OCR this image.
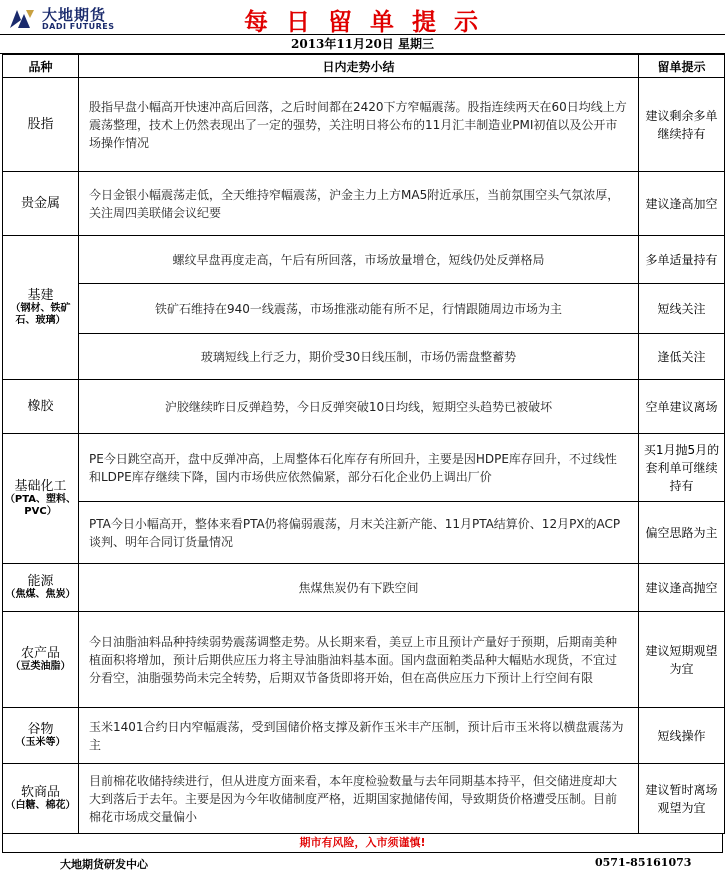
大地期货
DADI FUTURES	每日留单提示
2013年11月20日 星期三
品种	日内走势小结	留单提示

股指	股指早盘小幅高开快速冲高后回落，之后时间都在2420下方窄幅震荡。股指连续两天在60日均线上方震荡整理，技术上仍然表现出了一定的强势，关注明日将公布的11月汇丰制造业PMI初值以及公开市场操作情况	建议剩余多单继续持有

贵金属	今日金银小幅震荡走低，全天维持窄幅震荡，沪金主力上方MA5附近承压，当前氛围空头气氛浓厚，关注周四美联储会议纪要	建议逢高加空

基建
（钢材、铁矿石、玻璃）	螺纹早盘再度走高，午后有所回落，市场放量增仓，短线仍处反弹格局	多单适量持有
	铁矿石维持在940一线震荡，市场推涨动能有所不足，行情跟随周边市场为主	短线关注
	玻璃短线上行乏力，期价受30日线压制，市场仍需盘整蓄势	逢低关注

橡胶	沪胶继续昨日反弹趋势，今日反弹突破10日均线，短期空头趋势已被破坏	空单建议离场

基础化工
（PTA、塑料、PVC）	PE今日跳空高开，盘中反弹冲高，上周整体石化库存有所回升，主要是因HDPE库存回升，不过线性和LDPE库存继续下降，国内市场供应依然偏紧，部分石化企业仍上调出厂价	买1月抛5月的套利单可继续持有
	PTA今日小幅高开，整体来看PTA仍将偏弱震荡，月末关注新产能、11月PTA结算价、12月PX的ACP谈判、明年合同订货量情况	偏空思路为主

能源
（焦煤、焦炭）	焦煤焦炭仍有下跌空间	建议逢高抛空

农产品
（豆类油脂）	今日油脂油料品种持续弱势震荡调整走势。从长期来看，美豆上市且预计产量好于预期，后期南美种植面积将增加，预计后期供应压力将主导油脂油料基本面。国内盘面粕类品种大幅贴水现货，不宜过分看空，油脂强势尚未完全转势，后期双节备货即将开始，但在高供应压力下预计上行空间有限	建议短期观望为宜

谷物
（玉米等）	玉米1401合约日内窄幅震荡，受到国储价格支撑及新作玉米丰产压制，预计后市玉米将以横盘震荡为主	短线操作

软商品
（白糖、棉花）	目前棉花收储持续进行，但从进度方面来看，本年度检验数量与去年同期基本持平，但交储进度却大大到落后于去年。主要是因为今年收储制度严格，近期国家抛储传闻，导致期货价格遭受压制。目前棉花市场成交量偏小	建议暂时离场观望为宜
期市有风险，入市须谨慎!
大地期货研发中心	0571-85161073
